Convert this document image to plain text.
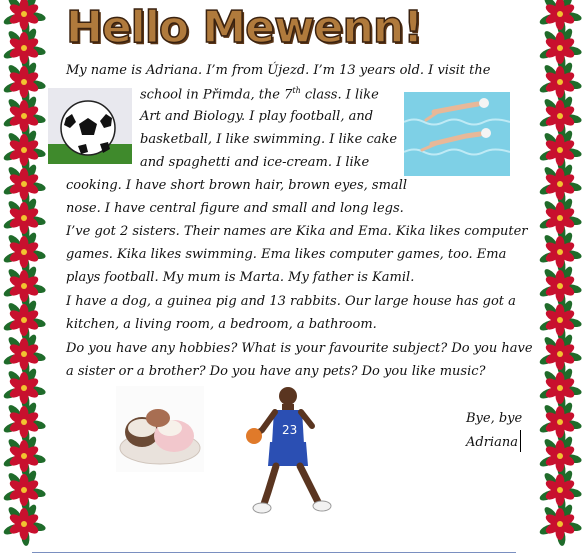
Hello Mewenn!
My name is Adriana. I’m from Újezd. I’m 13 years old. I visit the
school in Přimda, the 7th class. I like
Art and Biology. I play football, and
basketball, I like swimming. I like cake
and spaghetti and ice-cream. I like
cooking. I have short brown hair, brown eyes, small
nose. I have central figure and small and long legs.
I’ve got 2 sisters. Their names are Kika and Ema. Kika likes computer
games. Kika likes swimming. Ema likes computer games, too. Ema
plays football. My mum is Marta. My father is Kamil.
I have a dog, a guinea pig and 13 rabbits. Our large house has got a
kitchen, a living room, a bedroom, a bathroom.
Do you have any hobbies? What is your favourite subject? Do you have
a sister or a brother? Do you have any pets? Do you like music?
23
Bye, bye
Adriana
